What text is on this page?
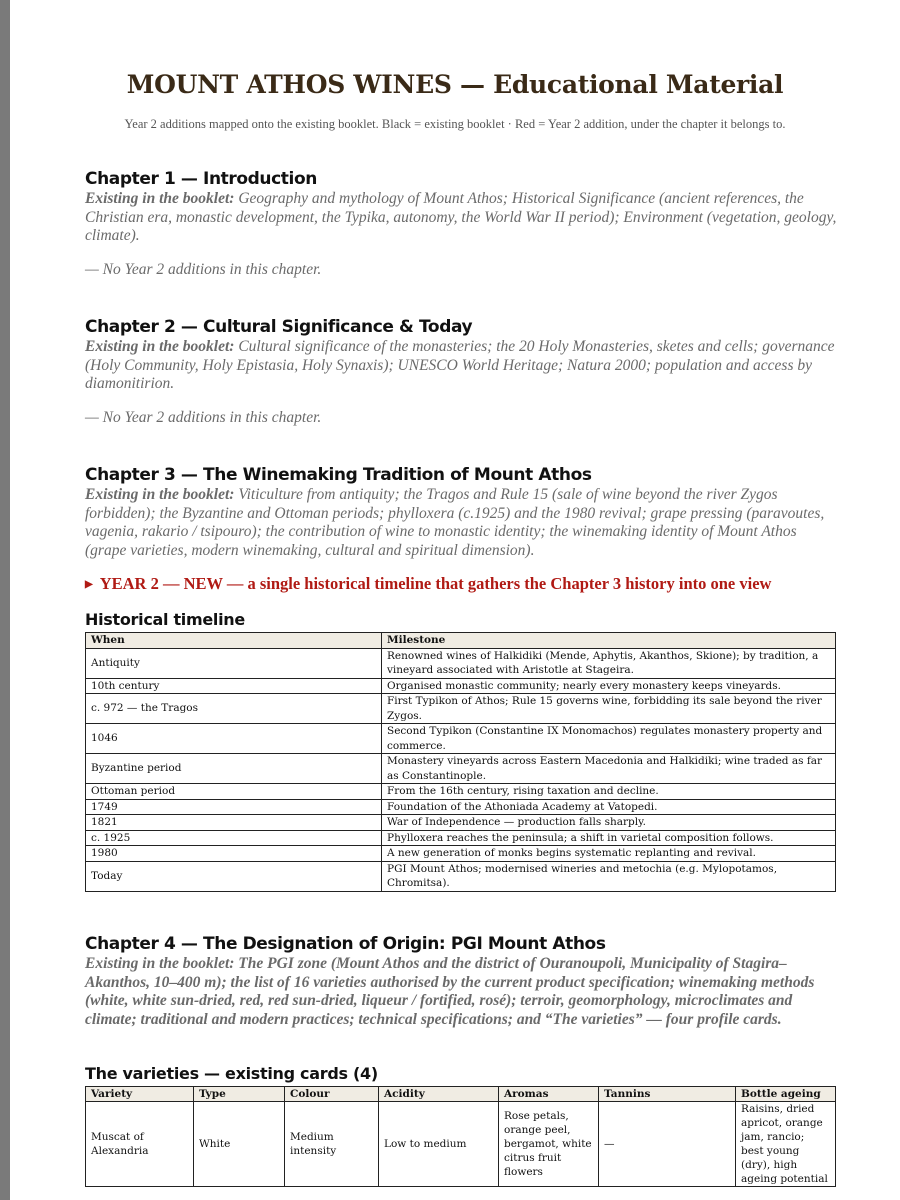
MOUNT ATHOS WINES — Educational Material
Year 2 additions mapped onto the existing booklet. Black = existing booklet · Red = Year 2 addition, under the chapter it belongs to.
Chapter 1 — Introduction

Existing in the booklet: Geography and mythology of Mount Athos; Historical Significance (ancient references, the Christian era, monastic development, the Typika, autonomy, the World War II period); Environment (vegetation, geology, climate).

— No Year 2 additions in this chapter.

Chapter 2 — Cultural Significance & Today

Existing in the booklet: Cultural significance of the monasteries; the 20 Holy Monasteries, sketes and cells; governance (Holy Community, Holy Epistasia, Holy Synaxis); UNESCO World Heritage; Natura 2000; population and access by diamonitirion.

— No Year 2 additions in this chapter.

Chapter 3 — The Winemaking Tradition of Mount Athos

Existing in the booklet: Viticulture from antiquity; the Tragos and Rule 15 (sale of wine beyond the river Zygos forbidden); the Byzantine and Ottoman periods; phylloxera (c.1925) and the 1980 revival; grape pressing (paravoutes, vagenia, rakario / tsipouro); the contribution of wine to monastic identity; the winemaking identity of Mount Athos (grape varieties, modern winemaking, cultural and spiritual dimension).

▶ YEAR 2 — NEW — a single historical timeline that gathers the Chapter 3 history into one view

Historical timeline
When	Milestone
Antiquity	Renowned wines of Halkidiki (Mende, Aphytis, Akanthos, Skione); by tradition, a vineyard associated with Aristotle at Stageira.
10th century	Organised monastic community; nearly every monastery keeps vineyards.
c. 972 — the Tragos	First Typikon of Athos; Rule 15 governs wine, forbidding its sale beyond the river Zygos.
1046	Second Typikon (Constantine IX Monomachos) regulates monastery property and commerce.
Byzantine period	Monastery vineyards across Eastern Macedonia and Halkidiki; wine traded as far as Constantinople.
Ottoman period	From the 16th century, rising taxation and decline.
1749	Foundation of the Athoniada Academy at Vatopedi.
1821	War of Independence — production falls sharply.
c. 1925	Phylloxera reaches the peninsula; a shift in varietal composition follows.
1980	A new generation of monks begins systematic replanting and revival.
Today	PGI Mount Athos; modernised wineries and metochia (e.g. Mylopotamos, Chromitsa).
Chapter 4 — The Designation of Origin: PGI Mount Athos

Existing in the booklet: The PGI zone (Mount Athos and the district of Ouranoupoli, Municipality of Stagira–Akanthos, 10–400 m); the list of 16 varieties authorised by the current product specification; winemaking methods (white, white sun-dried, red, red sun-dried, liqueur / fortified, rosé); terroir, geomorphology, microclimates and climate; traditional and modern practices; technical specifications; and “The varieties” — four profile cards.

The varieties — existing cards (4)
Variety	Type	Colour	Acidity	Aromas	Tannins	Bottle ageing
Muscat of Alexandria	White	Medium intensity	Low to medium	Rose petals, orange peel, bergamot, white citrus fruit flowers	—	Raisins, dried apricot, orange jam, rancio; best young (dry), high ageing potential
